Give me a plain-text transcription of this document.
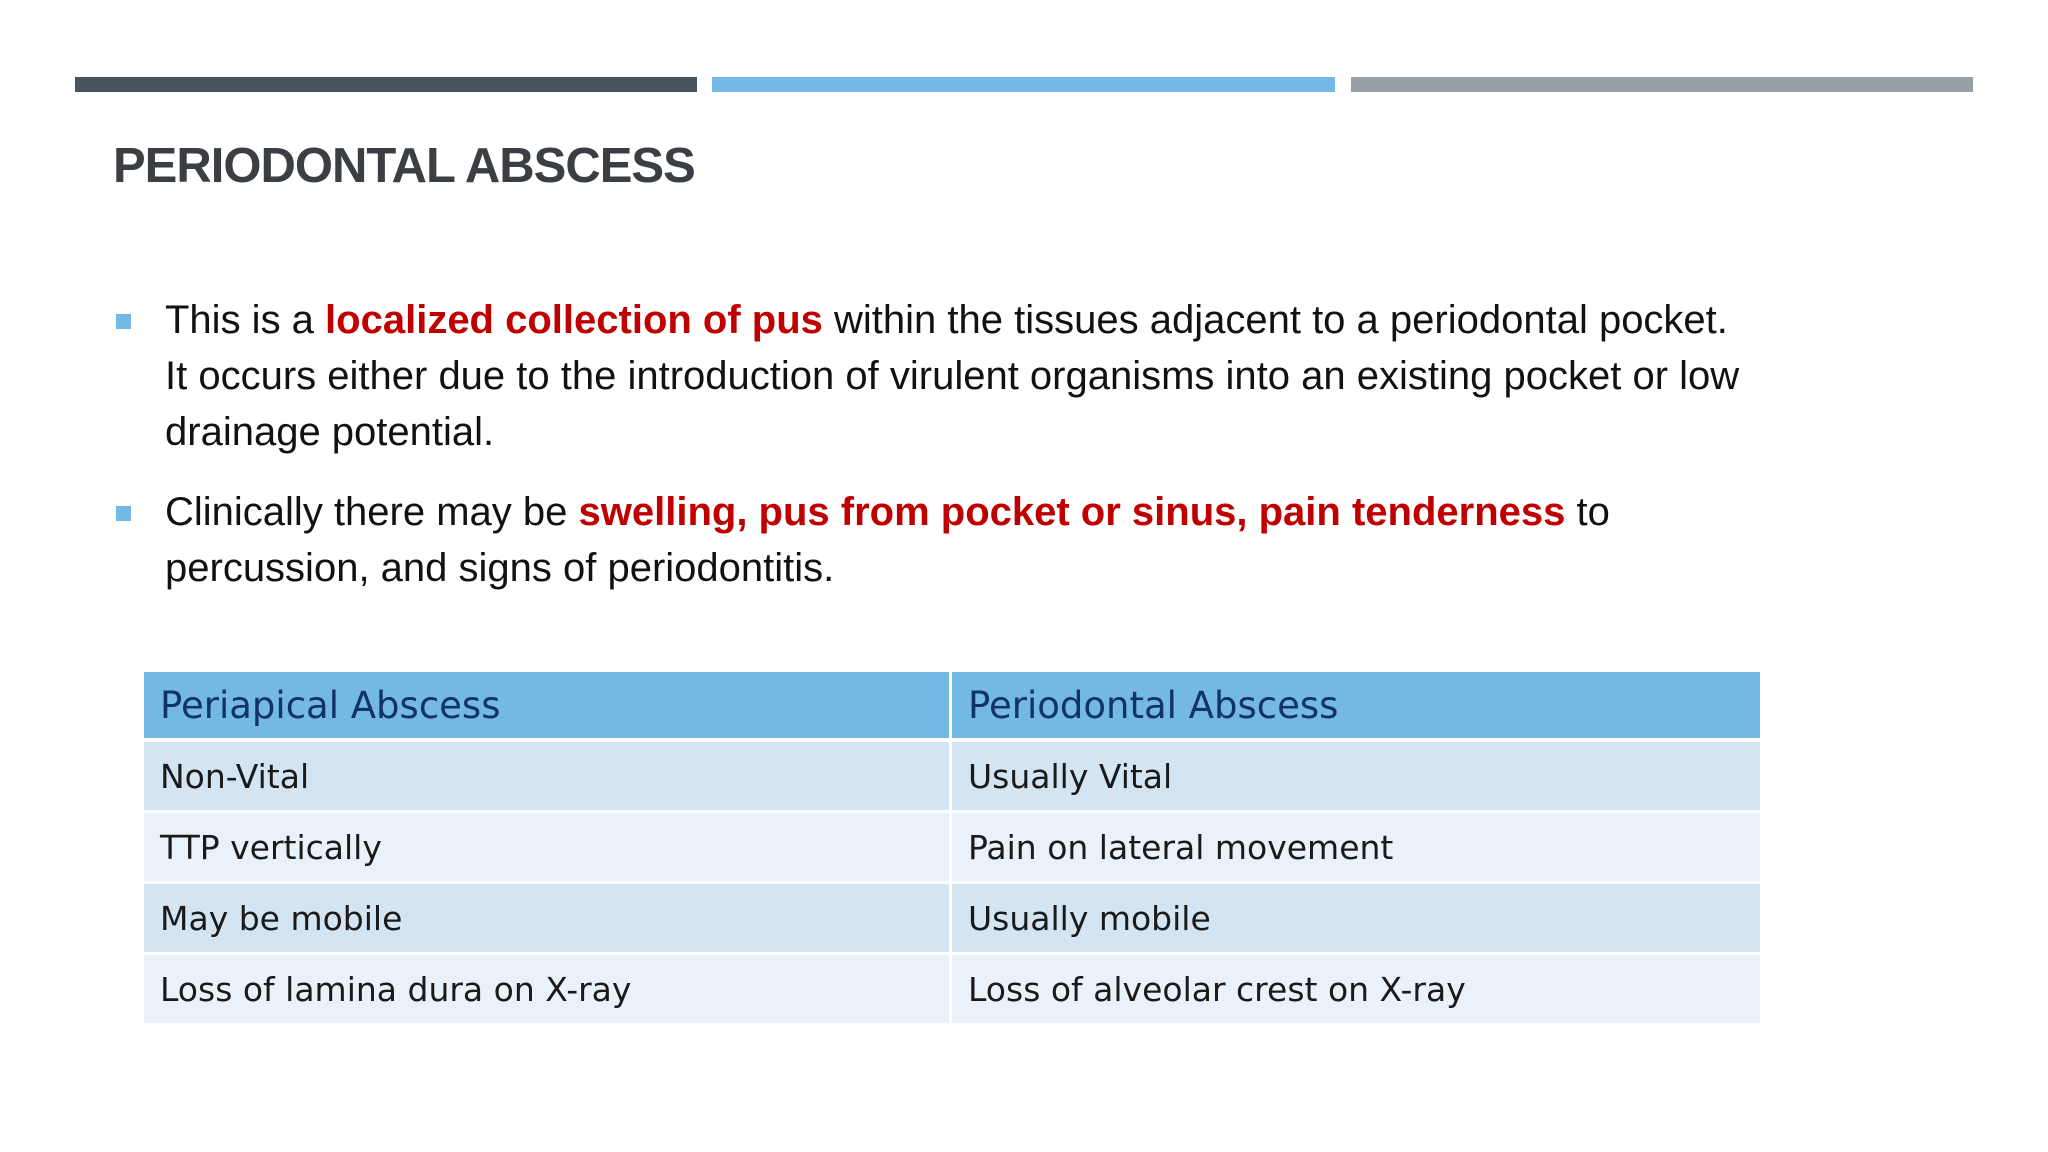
PERIODONTAL ABSCESS
This is a localized collection of pus within the tissues adjacent to a periodontal pocket. It occurs either due to the introduction of virulent organisms into an existing pocket or low drainage potential.
Clinically there may be swelling, pus from pocket or sinus, pain tenderness to percussion, and signs of periodontitis.
Periapical Abscess	Periodontal Abscess
Non-Vital	Usually Vital
TTP vertically	Pain on lateral movement
May be mobile	Usually mobile
Loss of lamina dura on X-ray	Loss of alveolar crest on X-ray
